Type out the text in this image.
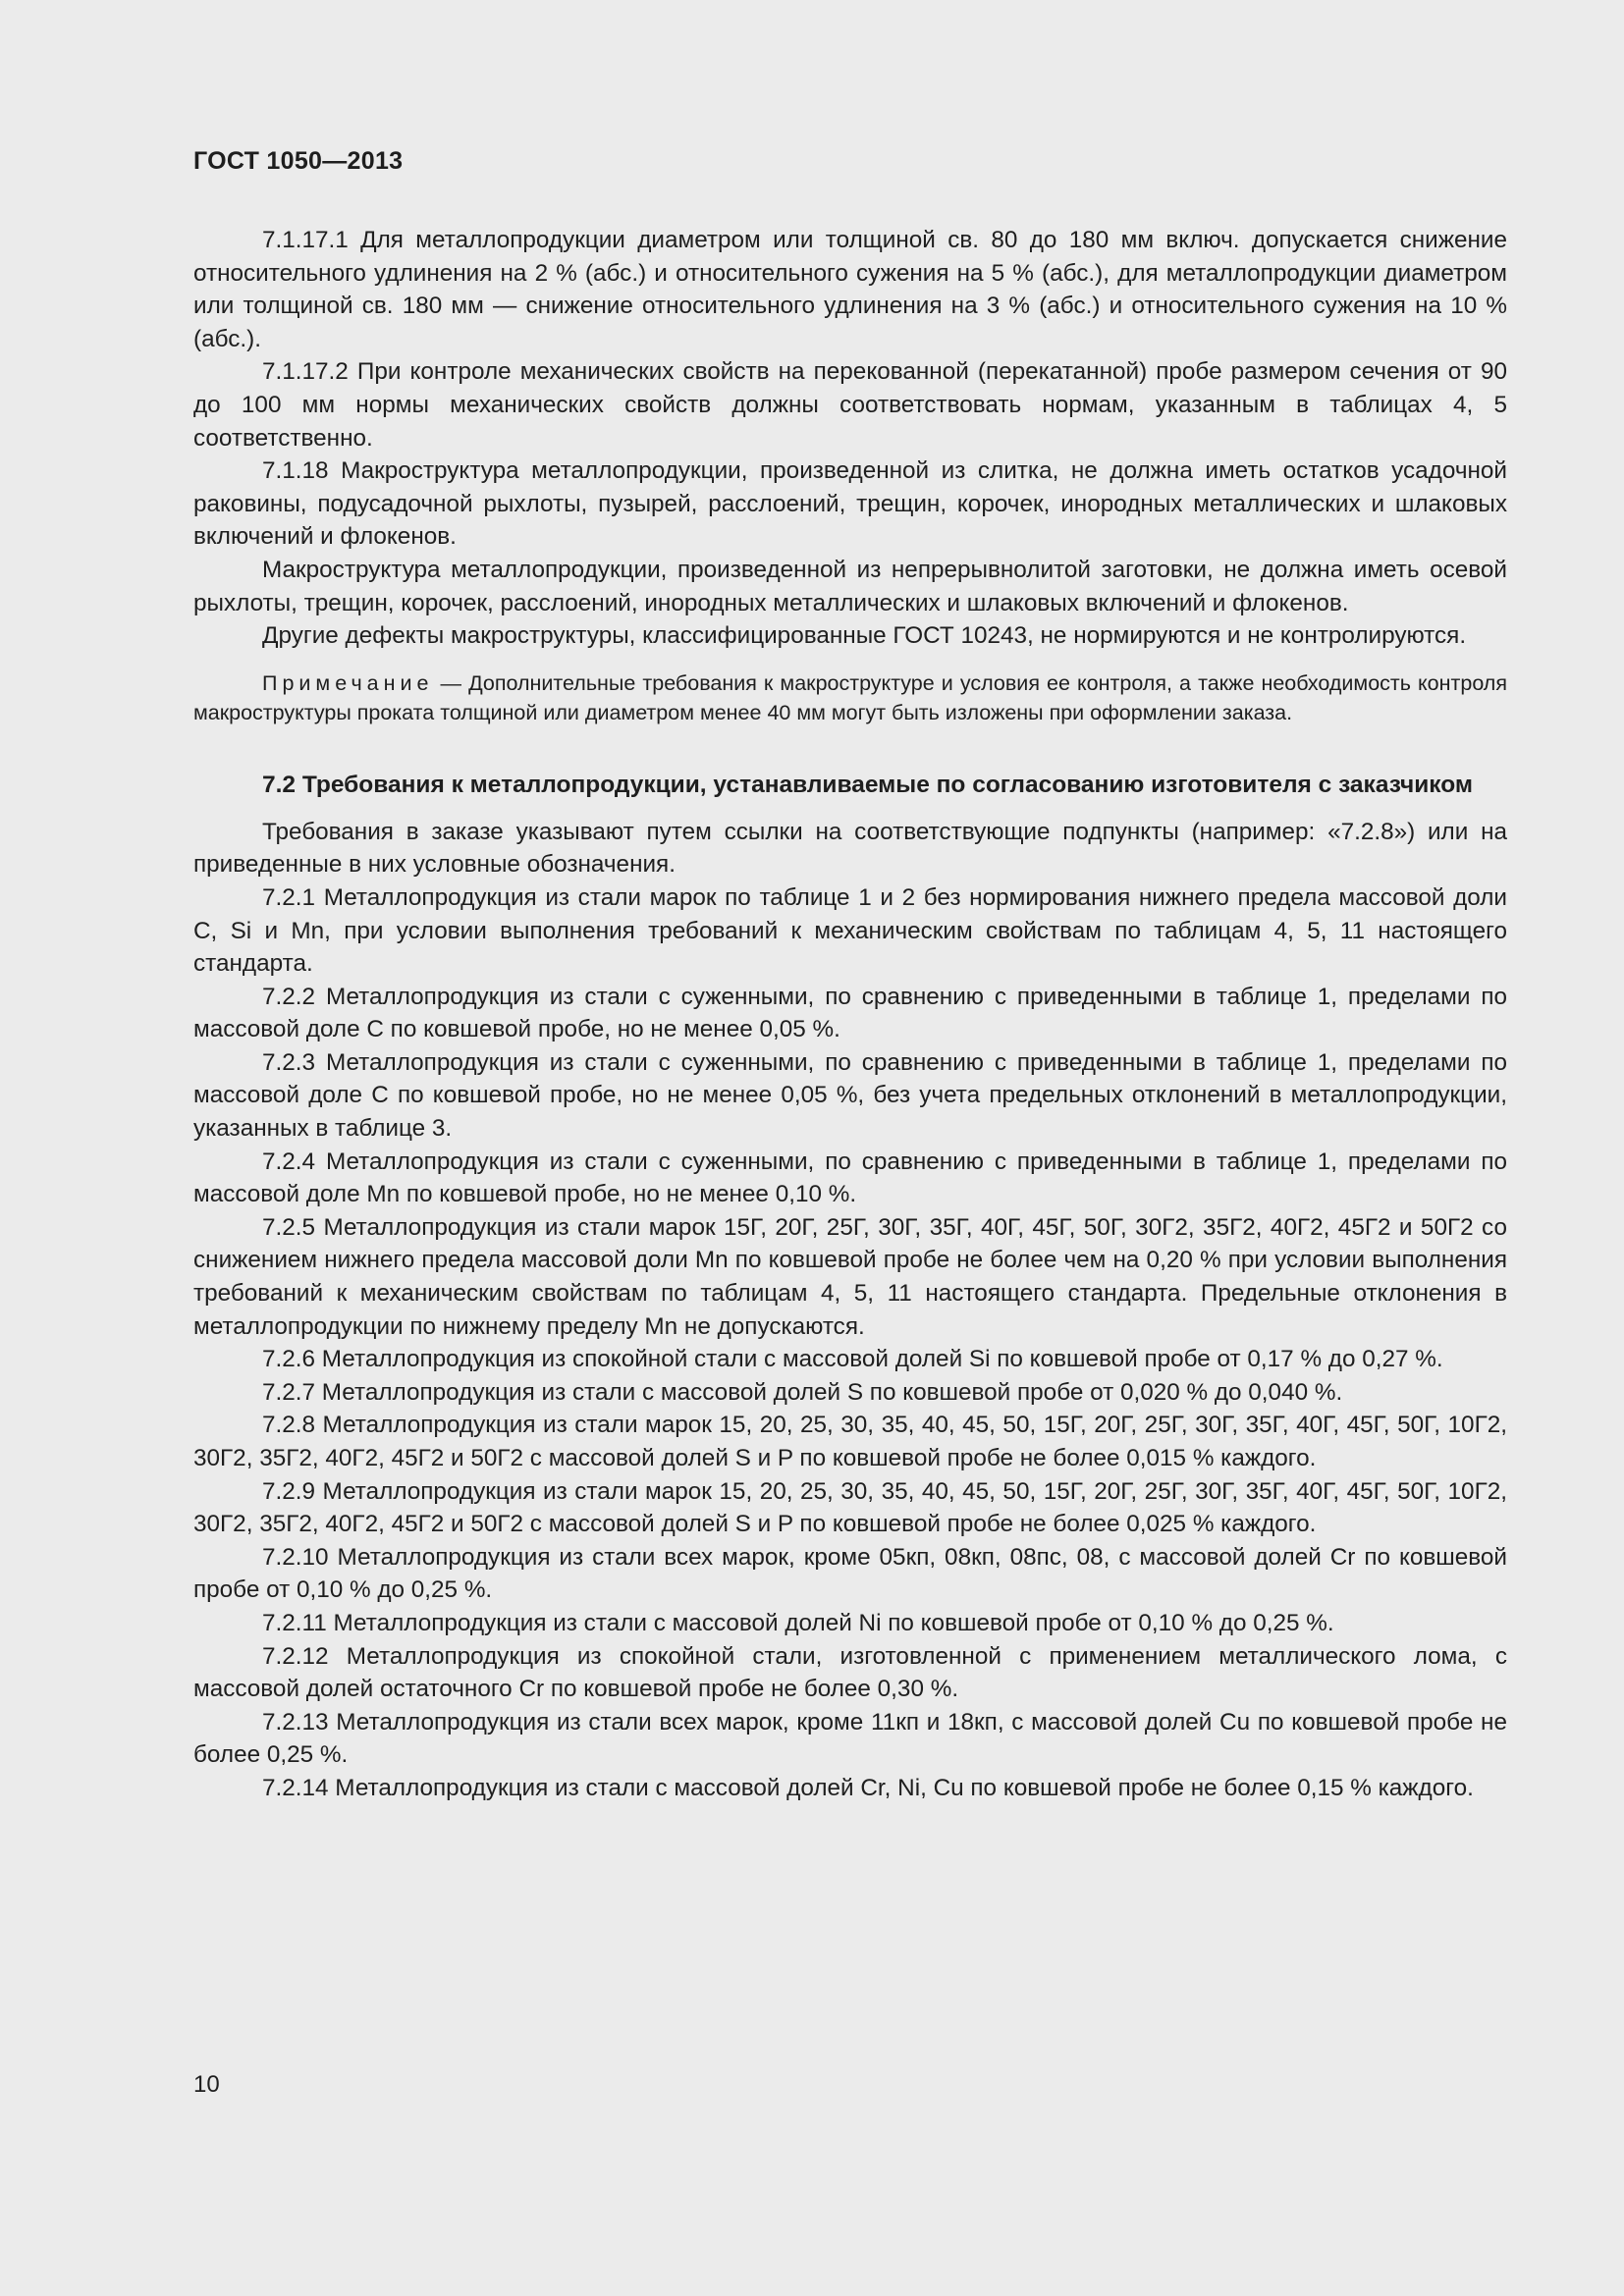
ГОСТ 1050—2013

7.1.17.1 Для металлопродукции диаметром или толщиной св. 80 до 180 мм включ. допускается снижение относительного удлинения на 2 % (абс.) и относительного сужения на 5 % (абс.), для металлопродукции диаметром или толщиной св. 180 мм — снижение относительного удлинения на 3 % (абс.) и относительного сужения на 10 % (абс.).

7.1.17.2 При контроле механических свойств на перекованной (перекатанной) пробе размером сечения от 90 до 100 мм нормы механических свойств должны соответствовать нормам, указанным в таблицах 4, 5 соответственно.

7.1.18 Макроструктура металлопродукции, произведенной из слитка, не должна иметь остатков усадочной раковины, подусадочной рыхлоты, пузырей, расслоений, трещин, корочек, инородных металлических и шлаковых включений и флокенов.

Макроструктура металлопродукции, произведенной из непрерывнолитой заготовки, не должна иметь осевой рыхлоты, трещин, корочек, расслоений, инородных металлических и шлаковых включений и флокенов.

Другие дефекты макроструктуры, классифицированные ГОСТ 10243, не нормируются и не контролируются.

Примечание — Дополнительные требования к макроструктуре и условия ее контроля, а также необходимость контроля макроструктуры проката толщиной или диаметром менее 40 мм могут быть изложены при оформлении заказа.

7.2 Требования к металлопродукции, устанавливаемые по согласованию изготовителя с заказчиком

Требования в заказе указывают путем ссылки на соответствующие подпункты (например: «7.2.8») или на приведенные в них условные обозначения.

7.2.1 Металлопродукция из стали марок по таблице 1 и 2 без нормирования нижнего предела массовой доли C, Si и Mn, при условии выполнения требований к механическим свойствам по таблицам 4, 5, 11 настоящего стандарта.

7.2.2 Металлопродукция из стали с суженными, по сравнению с приведенными в таблице 1, пределами по массовой доле C по ковшевой пробе, но не менее 0,05 %.

7.2.3 Металлопродукция из стали с суженными, по сравнению с приведенными в таблице 1, пределами по массовой доле C по ковшевой пробе, но не менее 0,05 %, без учета предельных отклонений в металлопродукции, указанных в таблице 3.

7.2.4 Металлопродукция из стали с суженными, по сравнению с приведенными в таблице 1, пределами по массовой доле Mn по ковшевой пробе, но не менее 0,10 %.

7.2.5 Металлопродукция из стали марок 15Г, 20Г, 25Г, 30Г, 35Г, 40Г, 45Г, 50Г, 30Г2, 35Г2, 40Г2, 45Г2 и 50Г2 со снижением нижнего предела массовой доли Mn по ковшевой пробе не более чем на 0,20 % при условии выполнения требований к механическим свойствам по таблицам 4, 5, 11 настоящего стандарта. Предельные отклонения в металлопродукции по нижнему пределу Mn не допускаются.

7.2.6 Металлопродукция из спокойной стали с массовой долей Si по ковшевой пробе от 0,17 % до 0,27 %.

7.2.7 Металлопродукция из стали с массовой долей S по ковшевой пробе от 0,020 % до 0,040 %.

7.2.8 Металлопродукция из стали марок 15, 20, 25, 30, 35, 40, 45, 50, 15Г, 20Г, 25Г, 30Г, 35Г, 40Г, 45Г, 50Г, 10Г2, 30Г2, 35Г2, 40Г2, 45Г2 и 50Г2 с массовой долей S и P по ковшевой пробе не более 0,015 % каждого.

7.2.9 Металлопродукция из стали марок 15, 20, 25, 30, 35, 40, 45, 50, 15Г, 20Г, 25Г, 30Г, 35Г, 40Г, 45Г, 50Г, 10Г2, 30Г2, 35Г2, 40Г2, 45Г2 и 50Г2 с массовой долей S и P по ковшевой пробе не более 0,025 % каждого.

7.2.10 Металлопродукция из стали всех марок, кроме 05кп, 08кп, 08пс, 08, с массовой долей Cr по ковшевой пробе от 0,10 % до 0,25 %.

7.2.11 Металлопродукция из стали с массовой долей Ni по ковшевой пробе от 0,10 % до 0,25 %.

7.2.12 Металлопродукция из спокойной стали, изготовленной с применением металлического лома, с массовой долей остаточного Cr по ковшевой пробе не более 0,30 %.

7.2.13 Металлопродукция из стали всех марок, кроме 11кп и 18кп, с массовой долей Cu по ковшевой пробе не более 0,25 %.

7.2.14 Металлопродукция из стали с массовой долей Cr, Ni, Cu по ковшевой пробе не более 0,15 % каждого.

10
